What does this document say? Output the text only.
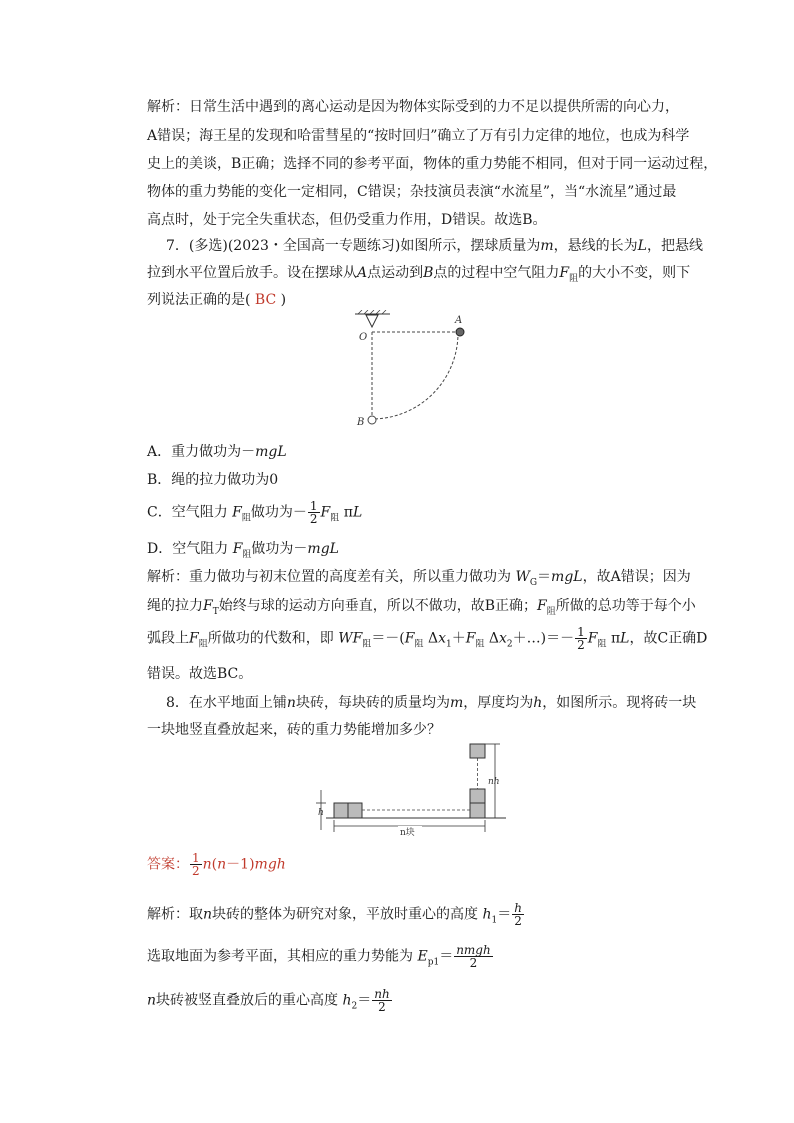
解析：日常生活中遇到的离心运动是因为物体实际受到的力不足以提供所需的向心力，
A错误；海王星的发现和哈雷彗星的“按时回归”确立了万有引力定律的地位，也成为科学
史上的美谈，B正确；选择不同的参考平面，物体的重力势能不相同，但对于同一运动过程，
物体的重力势能的变化一定相同，C错误；杂技演员表演“水流星”，当“水流星”通过最
高点时，处于完全失重状态，但仍受重力作用，D错误。故选B。
7．(多选)(2023・全国高一专题练习)如图所示，摆球质量为m，悬线的长为L，把悬线
拉到水平位置后放手。设在摆球从A点运动到B点的过程中空气阻力$F_阻$的大小不变，则下
列说法正确的是( BC )
O
A
B
A．重力做功为－mgL
B．绳的拉力做功为0
C．空气阻力 $F_阻$做功为－ $\frac{1}{2} F_阻$ πL
D．空气阻力 $F_阻$做功为－mgL
解析：重力做功与初末位置的高度差有关，所以重力做功为 $W_G=mgL$，故A错误；因为
绳的拉力$F_T$始终与球的运动方向垂直，所以不做功，故B正确；$F_阻$所做的总功等于每个小
弧段上$F_阻$所做功的代数和，即 $WF_阻=-(F_阻$ $\Delta x_1+F_阻$ $\Delta x_2+\dots)=- \frac{1}{2} F_阻$ πL，故C正确D
错误。故选BC。
8．在水平地面上铺n块砖，每块砖的质量均为m，厚度均为h，如图所示。现将砖一块
一块地竖直叠放起来，砖的重力势能增加多少？
h
nh
n块
答案： $\frac{1}{2} n(n-1)mgh$
解析：取n块砖的整体为研究对象，平放时重心的高度 $h_1= \frac{h}{2}$
选取地面为参考平面，其相应的重力势能为 $E_{p1}= \frac{\text{nmgh}}{2}$
n块砖被竖直叠放后的重心高度 $h_2= \frac{nh}{2}$
